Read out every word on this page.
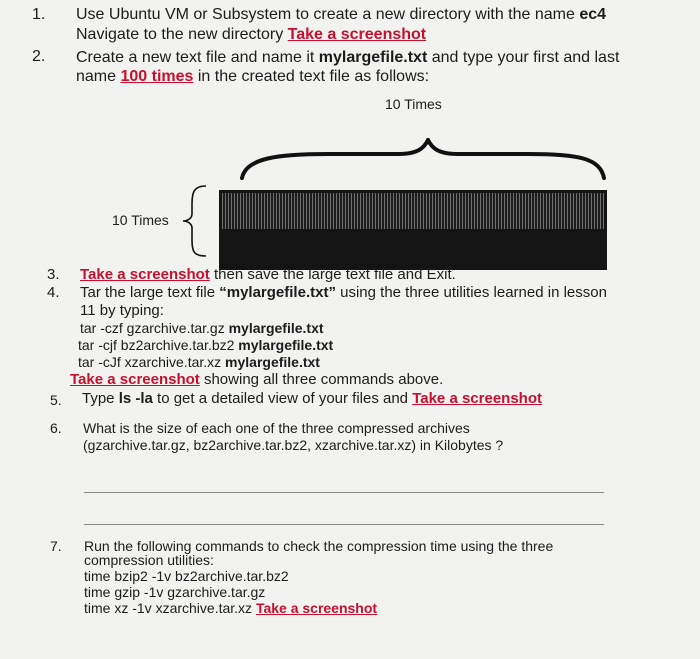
1. Use Ubuntu VM or Subsystem to create a new directory with the name ec4
Navigate to the new directory Take a screenshot
2. Create a new text file and name it mylargefile.txt and type your first and last
name 100 times in the created text file as follows:
10 Times
10 Times
3. Take a screenshot then save the large text file and Exit.
4. Tar the large text file “mylargefile.txt” using the three utilities learned in lesson
11 by typing:
tar -czf gzarchive.tar.gz mylargefile.txt
tar -cjf bz2archive.tar.bz2 mylargefile.txt
tar -cJf xzarchive.tar.xz mylargefile.txt
Take a screenshot showing all three commands above.
5. Type ls -la to get a detailed view of your files and Take a screenshot
6. What is the size of each one of the three compressed archives
(gzarchive.tar.gz, bz2archive.tar.bz2, xzarchive.tar.xz) in Kilobytes ?
7. Run the following commands to check the compression time using the three
compression utilities:
time bzip2 -1v bz2archive.tar.bz2
time gzip -1v gzarchive.tar.gz
time xz -1v xzarchive.tar.xz Take a screenshot
